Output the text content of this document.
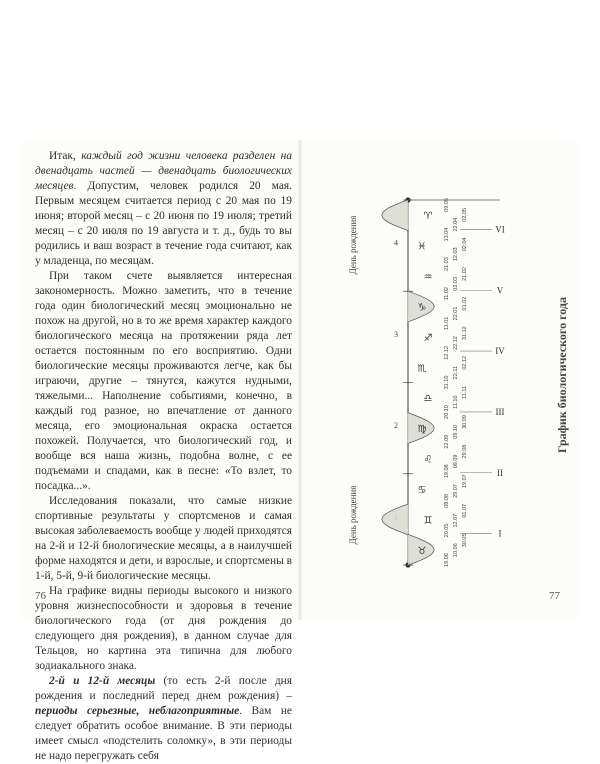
Итак, каждый год жизни человека разделен на двенадцать частей — двенадцать биологических месяцев. Допустим, человек родился 20 мая. Первым месяцем считается период с 20 мая по 19 июня; второй месяц – с 20 июня по 19 июля; третий месяц – с 20 июля по 19 августа и т. д., будь то вы родились и ваш возраст в течение года считают, как у младенца, по месяцам.

При таком счете выявляется интересная закономерность. Можно заметить, что в течение года один биологический месяц эмоционально не похож на другой, но в то же время характер каждого биологического месяца на протяжении ряда лет остается постоянным по его восприятию. Одни биологические месяцы проживаются легче, как бы играючи, другие – тянутся, кажутся нудными, тяжелыми... Наполнение событиями, конечно, в каждый год разное, но впечатление от данного месяца, его эмоциональная окраска остается похожей. Получается, что биологический год, и вообще вся наша жизнь, подобна волне, с ее подъемами и спадами, как в песне: «То взлет, то посадка...».

Исследования показали, что самые низкие спортивные результаты у спортсменов и самая высокая заболеваемость вообще у людей приходятся на 2-й и 12-й биологические месяцы, а в наилучшей форме находятся и дети, и взрослые, и спортсмены в 1-й, 5-й, 9-й биологические месяцы.

На графике видны периоды высокого и низкого уровня жизнеспособности и здоровья в течение биологического года (от дня рождения до следующего дня рождения), в данном случае для Тельцов, но картина эта типична для любого зодиакального знака.

2-й и 12-й месяцы (то есть 2-й после дня рождения и последний перед днем рождения) – периоды серьезные, неблагоприятные. Вам не следует обратить особое внимание. В эти периоды имеет смысл «подстелить соломку», в эти периоды не надо перегружать себя

76	77
2
3
4
♉
♊
♋
♌
♍
♎
♏
♐
♑
♒
♓
♈
I
II
III
IV
V
VI
19.06
10.06
30.05
20.05
12.07
01.07
08.08
29.07
19.07
19.08
09.09
29.08
22.09
09.10
30.09
20.10
11.10
11.11
31.10
22.11
02.12
12.12
22.12
31.12
11.01
22.01
01.02
11.02
02.03
21.02
21.03
12.03
02.04
13.04
22.04
02.05
09.05
День рождения
День рождения
График биологического года
